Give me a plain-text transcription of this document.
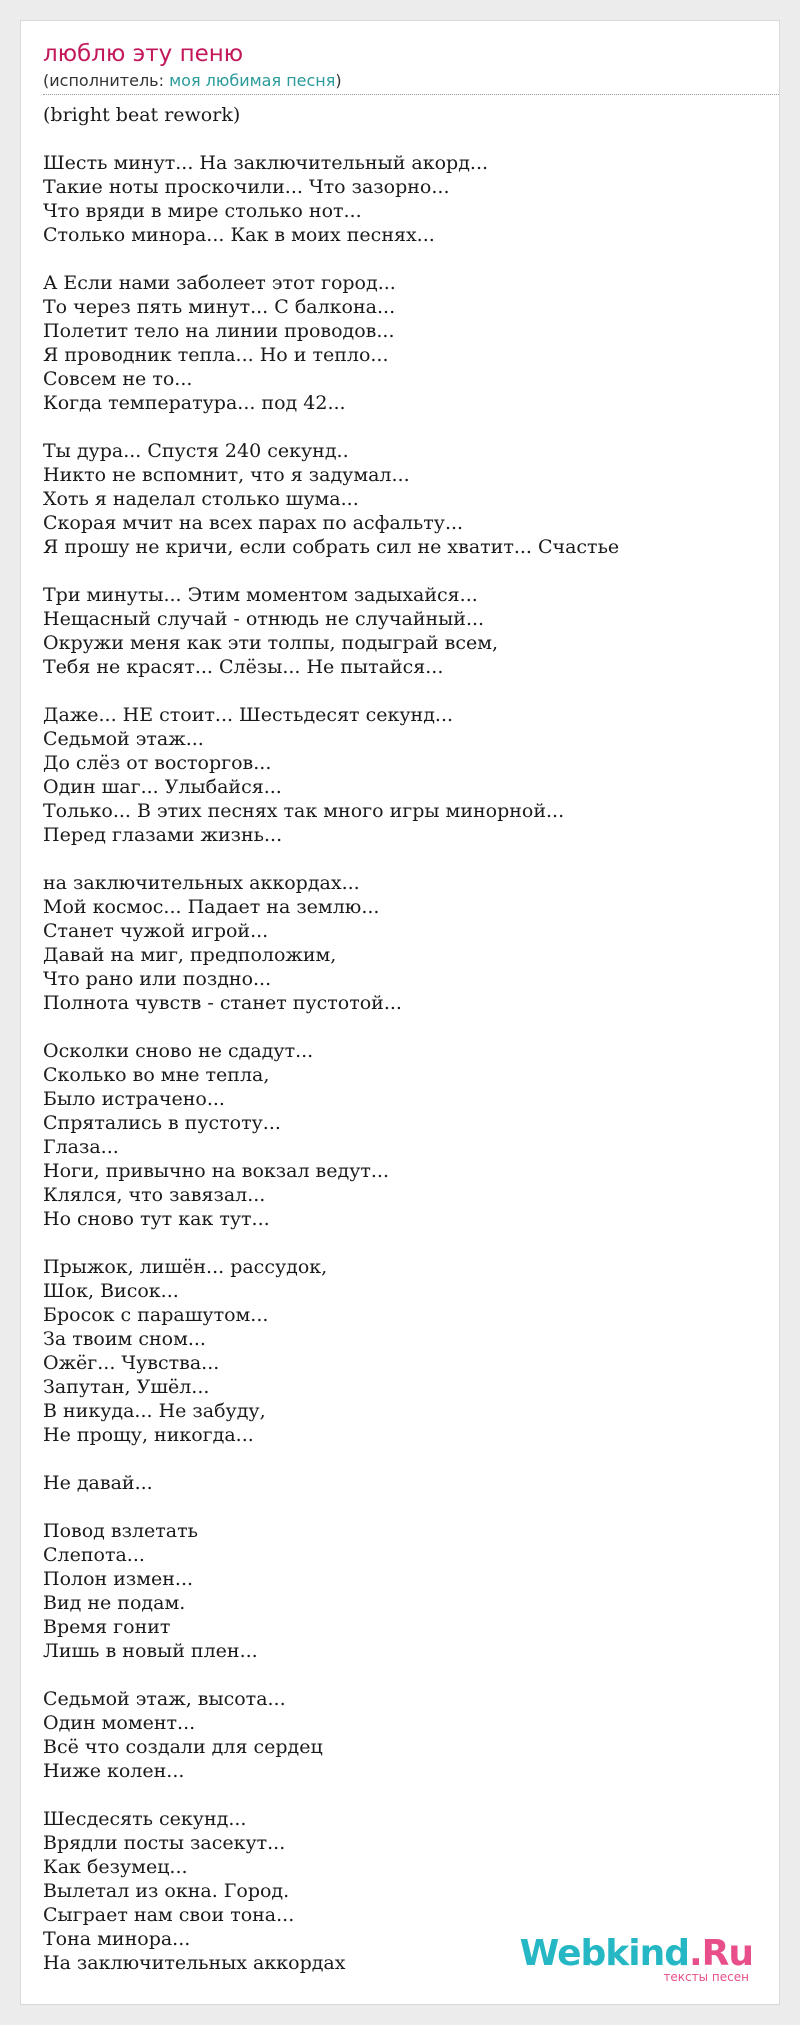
люблю эту пеню
(исполнитель: моя любимая песня)
(bright beat rework)
Шесть минут... На заключительный акорд...
Такие ноты проскочили... Что зазорно...
Что вряди в мире столько нот...
Столько минора... Как в моих песнях...
А Если нами заболеет этот город...
То через пять минут... С балкона...
Полетит тело на линии проводов...
Я проводник тепла... Но и тепло...
Совсем не то...
Когда температура... под 42...
Ты дура... Спустя 240 секунд..
Никто не вспомнит, что я задумал...
Хоть я наделал столько шума...
Скорая мчит на всех парах по асфальту...
Я прошу не кричи, если собрать сил не хватит... Счастье
Три минуты... Этим моментом задыхайся...
Нещасный случай - отнюдь не случайный...
Окружи меня как эти толпы, подыграй всем,
Тебя не красят... Слёзы... Не пытайся...
Даже... НЕ стоит... Шестьдесят секунд...
Седьмой этаж...
До слёз от восторгов...
Один шаг... Улыбайся...
Только... В этих песнях так много игры минорной...
Перед глазами жизнь...
на заключительных аккордах...
Мой космос... Падает на землю...
Станет чужой игрой...
Давай на миг, предположим,
Что рано или поздно...
Полнота чувств - станет пустотой...
Осколки сново не сдадут...
Сколько во мне тепла,
Было истрачено...
Спрятались в пустоту...
Глаза...
Ноги, привычно на вокзал ведут...
Клялся, что завязал...
Но сново тут как тут...
Прыжок, лишён... рассудок,
Шок, Висок...
Бросок с парашутом...
За твоим сном...
Ожёг... Чувства...
Запутан, Ушёл...
В никуда... Не забуду,
Не прощу, никогда...
Не давай...
Повод взлетать
Слепота...
Полон измен...
Вид не подам.
Время гонит
Лишь в новый плен...
Седьмой этаж, высота...
Один момент...
Всё что создали для сердец
Ниже колен...
Шесдесять секунд...
Врядли посты засекут...
Как безумец...
Вылетал из окна. Город.
Сыграет нам свои тона...
Тона минора...
На заключительных аккордах	Webkind.Ru
тексты песен
